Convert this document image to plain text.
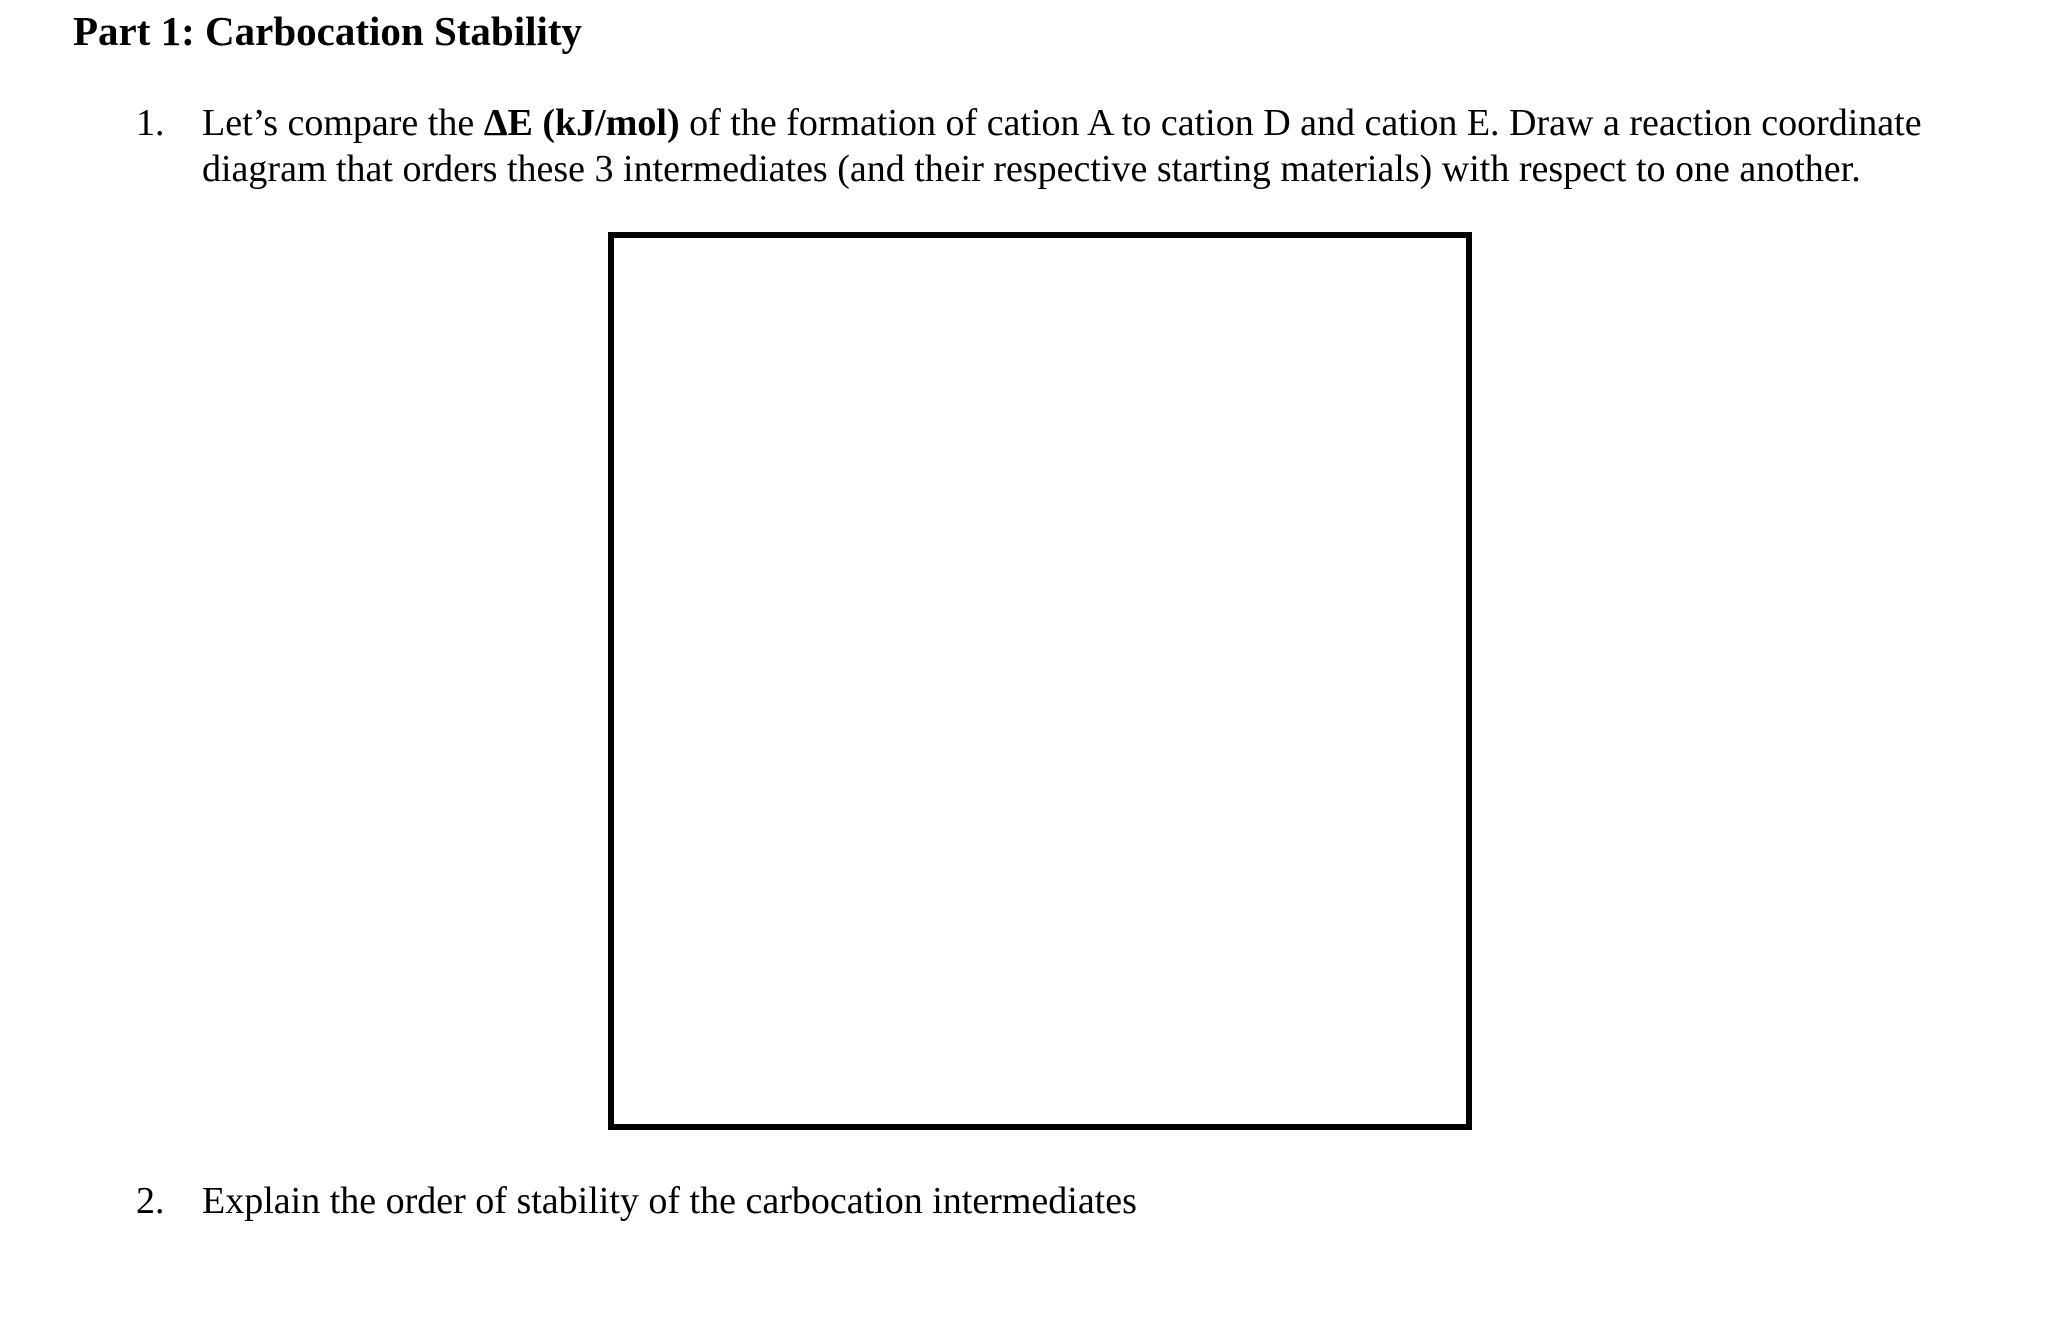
Part 1: Carbocation Stability
1. Let’s compare the ΔE (kJ/mol) of the formation of cation A to cation D and cation E. Draw a reaction coordinate
diagram that orders these 3 intermediates (and their respective starting materials) with respect to one another.
2. Explain the order of stability of the carbocation intermediates
